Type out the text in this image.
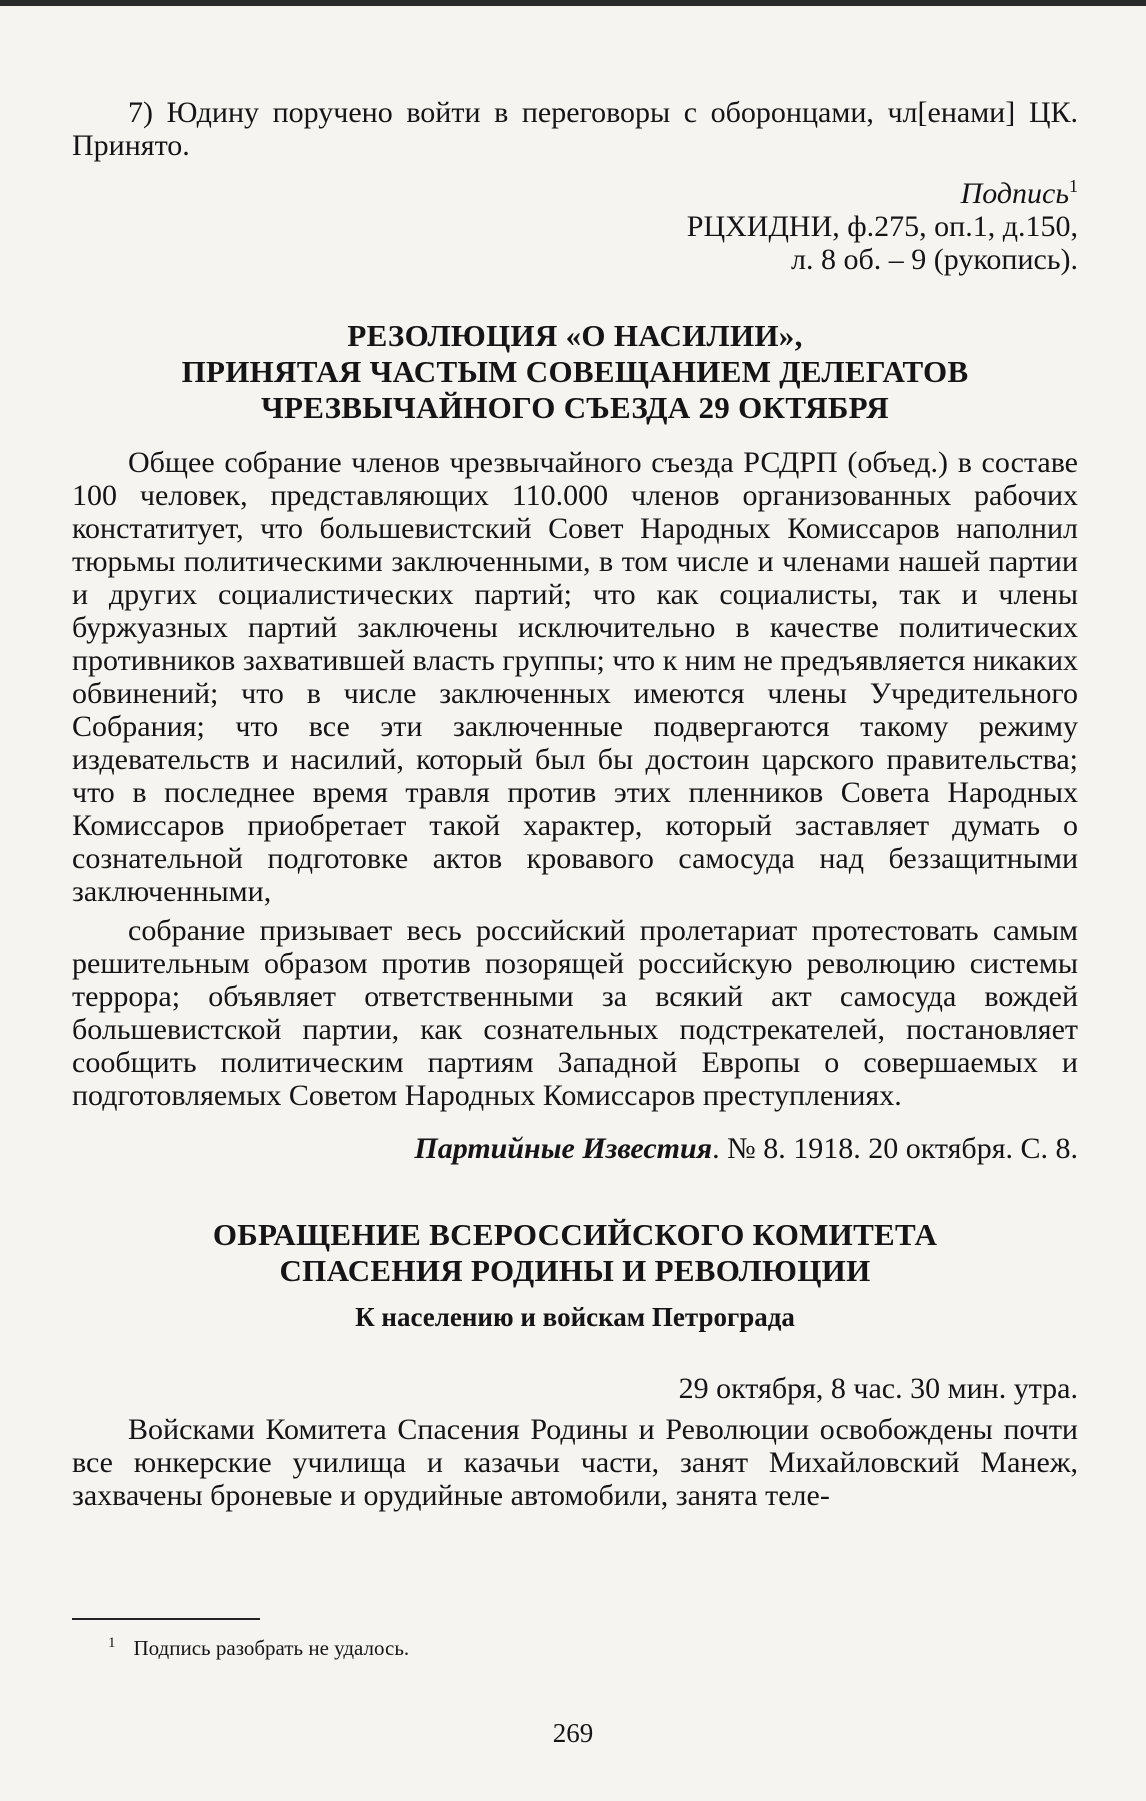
7) Юдину поручено войти в переговоры с оборонцами, чл[енами] ЦК. Принято.

Подпись$^1$

РЦХИДНИ, ф.275, оп.1, д.150,

л. 8 об. – 9 (рукопись).

РЕЗОЛЮЦИЯ «О НАСИЛИИ»,

ПРИНЯТАЯ ЧАСТЫМ СОВЕЩАНИЕМ ДЕЛЕГАТОВ

ЧРЕЗВЫЧАЙНОГО СЪЕЗДА 29 ОКТЯБРЯ

Общее собрание членов чрезвычайного съезда РСДРП (объед.) в составе 100 человек, представляющих 110.000 членов организованных рабочих констатитует, что большевистский Совет Народных Комиссаров наполнил тюрьмы политическими заключенными, в том числе и членами нашей партии и других социалистических партий; что как социалисты, так и члены буржуазных партий заключены исключительно в качестве политических противников захватившей власть группы; что к ним не предъявляется никаких обвинений; что в числе заключенных имеются члены Учредительного Собрания; что все эти заключенные подвергаются такому режиму издевательств и насилий, который был бы достоин царского правительства; что в последнее время травля против этих пленников Совета Народных Комиссаров приобретает такой характер, который заставляет думать о сознательной подготовке актов кровавого самосуда над беззащитными заключенными,

собрание призывает весь российский пролетариат протестовать самым решительным образом против позорящей российскую революцию системы террора; объявляет ответственными за всякий акт самосуда вождей большевистской партии, как сознательных подстрекателей, постановляет сообщить политическим партиям Западной Европы о совершаемых и подготовляемых Советом Народных Комиссаров преступлениях.

Партийные Известия. № 8. 1918. 20 октября. С. 8.

ОБРАЩЕНИЕ ВСЕРОССИЙСКОГО КОМИТЕТА

СПАСЕНИЯ РОДИНЫ И РЕВОЛЮЦИИ

К населению и войскам Петрограда

29 октября, 8 час. 30 мин. утра.

Войсками Комитета Спасения Родины и Революции освобождены почти все юнкерские училища и казачьи части, занят Михайловский Манеж, захвачены броневые и орудийные автомобили, занята теле-

$^1$ Подпись разобрать не удалось.

269
